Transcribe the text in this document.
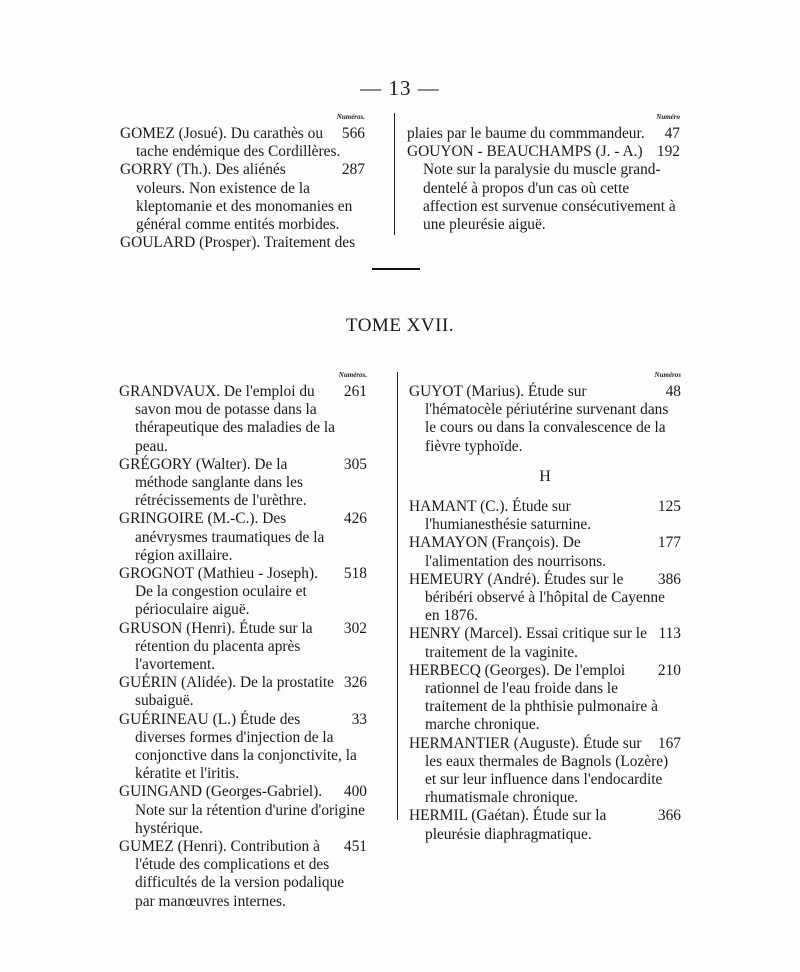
— 13 —
Numéros.
566
GOMEZ (Josué). Du carathès ou tache endémique des Cordillères.
287
GORRY (Th.). Des aliénés voleurs. Non existence de la kleptomanie et des monomanies en général comme entités morbides.
GOULARD (Prosper). Traitement des
Numéro
47
plaies par le baume du commmandeur.
192
GOUYON - BEAUCHAMPS (J. - A.) Note sur la paralysie du muscle grand-dentelé à propos d'un cas où cette affection est survenue consécutivement à une pleurésie aiguë.
TOME XVII.
Numéros.
261
GRANDVAUX. De l'emploi du savon mou de potasse dans la thérapeutique des maladies de la peau.
305
GRÉGORY (Walter). De la méthode sanglante dans les rétrécissements de l'urèthre.
426
GRINGOIRE (M.-C.). Des anévrysmes traumatiques de la région axillaire.
518
GROGNOT (Mathieu - Joseph). De la congestion oculaire et périoculaire aiguë.
302
GRUSON (Henri). Étude sur la rétention du placenta après l'avortement.
326
GUÉRIN (Alidée). De la prostatite subaiguë.
33
GUÉRINEAU (L.) Étude des diverses formes d'injection de la conjonctive dans la conjonctivite, la kératite et l'iritis.
400
GUINGAND (Georges-Gabriel). Note sur la rétention d'urine d'origine hystérique.
451
GUMEZ (Henri). Contribution à l'étude des complications et des difficultés de la version podalique par manœuvres internes.
Numéros
48
GUYOT (Marius). Étude sur l'hématocèle périutérine survenant dans le cours ou dans la convalescence de la fièvre typhoïde.
H
125
HAMANT (C.). Étude sur l'humianesthésie saturnine.
177
HAMAYON (François). De l'alimentation des nourrisons.
386
HEMEURY (André). Études sur le béribéri observé à l'hôpital de Cayenne en 1876.
113
HENRY (Marcel). Essai critique sur le traitement de la vaginite.
210
HERBECQ (Georges). De l'emploi rationnel de l'eau froide dans le traitement de la phthisie pulmonaire à marche chronique.
167
HERMANTIER (Auguste). Étude sur les eaux thermales de Bagnols (Lozère) et sur leur influence dans l'endocardite rhumatismale chronique.
366
HERMIL (Gaétan). Étude sur la pleurésie diaphragmatique.
